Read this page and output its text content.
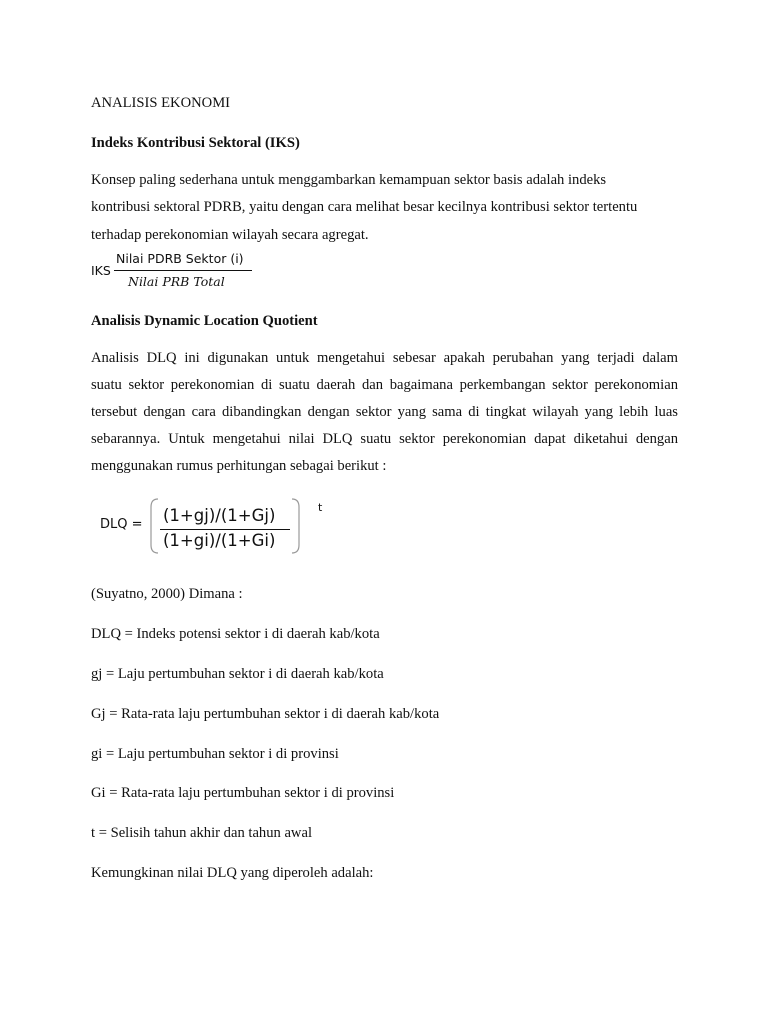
ANALISIS EKONOMI
Indeks Kontribusi Sektoral (IKS)
Konsep paling sederhana untuk menggambarkan kemampuan sektor basis adalah indeks
kontribusi sektoral PDRB, yaitu dengan cara melihat besar kecilnya kontribusi sektor tertentu
terhadap perekonomian wilayah secara agregat.
IKS
Nilai PDRB Sektor (i)
Nilai PRB Total
Analisis Dynamic Location Quotient
Analisis DLQ ini digunakan untuk mengetahui sebesar apakah perubahan yang terjadi dalam
suatu sektor perekonomian di suatu daerah dan bagaimana perkembangan sektor perekonomian
tersebut dengan cara dibandingkan dengan sektor yang sama di tingkat wilayah yang lebih luas
sebarannya. Untuk mengetahui nilai DLQ suatu sektor perekonomian dapat diketahui dengan
menggunakan rumus perhitungan sebagai berikut :
DLQ = (1+gj)/(1+Gj)
(1+gi)/(1+Gi)
t
(Suyatno, 2000) Dimana :
DLQ = Indeks potensi sektor i di daerah kab/kota
gj = Laju pertumbuhan sektor i di daerah kab/kota
Gj = Rata-rata laju pertumbuhan sektor i di daerah kab/kota
gi = Laju pertumbuhan sektor i di provinsi
Gi = Rata-rata laju pertumbuhan sektor i di provinsi
t = Selisih tahun akhir dan tahun awal
Kemungkinan nilai DLQ yang diperoleh adalah:
